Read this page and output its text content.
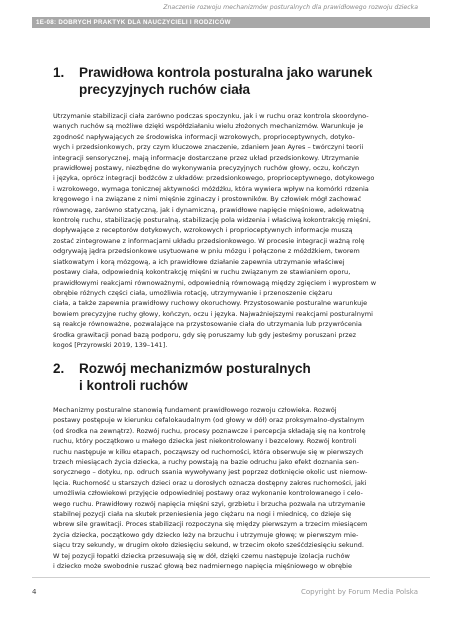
Znaczenie rozwoju mechanizmów posturalnych dla prawidłowego rozwoju dziecka
1E-08: DOBRYCH PRAKTYK DLA NAUCZYCIELI I RODZICÓW
1.	Prawidłowa kontrola posturalna jako warunek
precyzyjnych ruchów ciała
Utrzymanie stabilizacji ciała zarówno podczas spoczynku, jak i w ruchu oraz kontrola skoordyno-
wanych ruchów są możliwe dzięki współdziałaniu wielu złożonych mechanizmów. Warunkuje je
zgodność napływających ze środowiska informacji wzrokowych, proprioceptywnych, dotyko-
wych i przedsionkowych, przy czym kluczowe znaczenie, zdaniem Jean Ayres – twórczyni teorii
integracji sensorycznej, mają informacje dostarczane przez układ przedsionkowy. Utrzymanie
prawidłowej postawy, niezbędne do wykonywania precyzyjnych ruchów głowy, oczu, kończyn
i języka, oprócz integracji bodźców z układów: przedsionkowego, proprioceptywnego, dotykowego
i wzrokowego, wymaga tonicznej aktywności móżdżku, która wywiera wpływ na komórki rdzenia
kręgowego i na związane z nimi mięśnie zginaczy i prostowników. By człowiek mógł zachować
równowagę, zarówno statyczną, jak i dynamiczną, prawidłowe napięcie mięśniowe, adekwatną
kontrolę ruchu, stabilizację posturalną, stabilizację pola widzenia i właściwą kokontrakcję mięśni,
dopływające z receptorów dotykowych, wzrokowych i proprioceptywnych informacje muszą
zostać zintegrowane z informacjami układu przedsionkowego. W procesie integracji ważną rolę
odgrywają jądra przedsionkowe usytuowane w pniu mózgu i połączone z móżdżkiem, tworem
siatkowatym i korą mózgową, a ich prawidłowe działanie zapewnia utrzymanie właściwej
postawy ciała, odpowiednią kokontrakcję mięśni w ruchu związanym ze stawianiem oporu,
prawidłowymi reakcjami równoważnymi, odpowiednią równowagą między zgięciem i wyprostem w
obrębie różnych części ciała, umożliwia rotację, utrzymywanie i przenoszenie ciężaru
ciała, a także zapewnia prawidłowy ruchowy okoruchowy. Przystosowanie posturalne warunkuje
bowiem precyzyjne ruchy głowy, kończyn, oczu i języka. Najważniejszymi reakcjami posturalnymi
są reakcje równoważne, pozwalające na przystosowanie ciała do utrzymania lub przywrócenia
środka grawitacji ponad bazą podporu, gdy się poruszamy lub gdy jesteśmy poruszani przez
kogoś [Przyrowski 2019, 139–141].
2.	Rozwój mechanizmów posturalnych
i kontroli ruchów
Mechanizmy posturalne stanowią fundament prawidłowego rozwoju człowieka. Rozwój
postawy postępuje w kierunku cefalokaudalnym (od głowy w dół) oraz proksymalno-dystalnym
(od środka na zewnątrz). Rozwój ruchu, procesy poznawcze i percepcja składają się na kontrolę
ruchu, który początkowo u małego dziecka jest niekontrolowany i bezcelowy. Rozwój kontroli
ruchu następuje w kilku etapach, począwszy od ruchomości, która obserwuje się w pierwszych
trzech miesiącach życia dziecka, a ruchy powstają na bazie odruchu jako efekt doznania sen-
sorycznego – dotyku, np. odruch ssania wywoływany jest poprzez dotknięcie okolic ust niemow-
lęcia. Ruchomość u starszych dzieci oraz u dorosłych oznacza dostępny zakres ruchomości, jaki
umożliwia człowiekowi przyjęcie odpowiedniej postawy oraz wykonanie kontrolowanego i celo-
wego ruchu. Prawidłowy rozwój napięcia mięśni szyi, grzbietu i brzucha pozwala na utrzymanie
stabilnej pozycji ciała na skutek przeniesienia jego ciężaru na nogi i miednicę, co dzieje się
wbrew sile grawitacji. Proces stabilizacji rozpoczyna się między pierwszym a trzecim miesiącem
życia dziecka, początkowo gdy dziecko leży na brzuchu i utrzymuje głowę; w pierwszym mie-
siącu trzy sekundy, w drugim około dziesięciu sekund, w trzecim około sześćdziesięciu sekund.
W tej pozycji łopatki dziecka przesuwają się w dół, dzięki czemu następuje izolacja ruchów
i dziecko może swobodnie ruszać głową bez nadmiernego napięcia mięśniowego w obrębie
4	Copyright by Forum Media Polska
